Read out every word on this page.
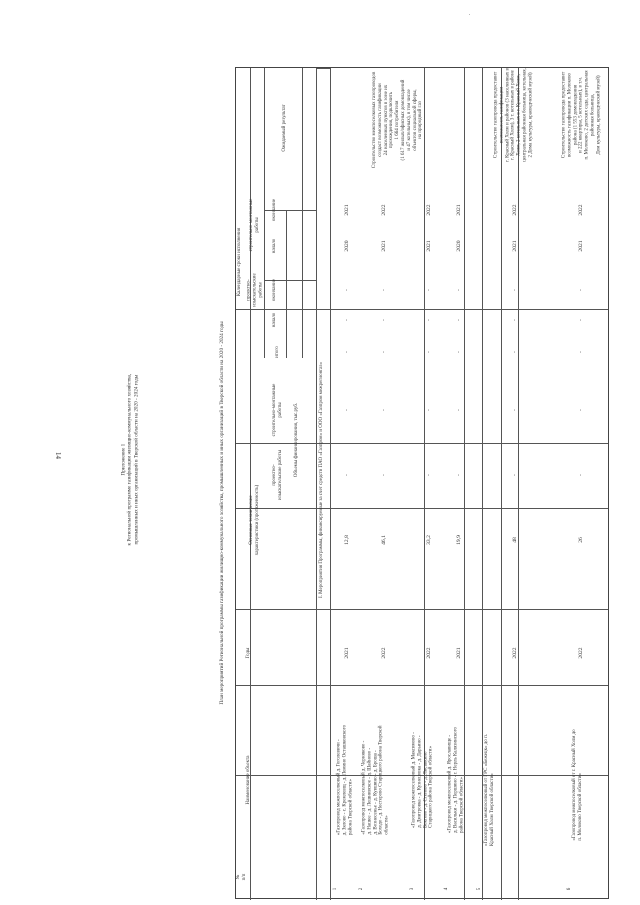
14	Приложение 1 к Региональной программе газификации жилищно-коммунального хозяйства, промышленных и иных организаций в Тверской области на 2020 - 2024 годы	План мероприятий Региональной программы газификации жилищно-коммунального хозяйства, промышленных и иных организаций в Тверской области на 2020 - 2024 годы
№
п/п
Наименование объекта
Годы
Основные технические
характеристики (протяженность)
Объемы финансирования, тыс.руб.
проектно-
изыскательские работы
строительно-монтажные
работы
итого
Календарные сроки исполнения проектно-
изыскательские
работы
строительно-монтажные
работы
начало
окончание
начало
окончание
Ожидаемый результат
I. Мероприятия Программы, финансируемые за счет средств ПАО «Газпром» и ООО «Газпром межрегионгаз»
1
«Газопровод межпоселковый д. Гоголевичи -
д. Зялово - с. Кремлевщ - д. Лемино Осташковского
района Тверской области»
2021
12,8
-
-
-
-
-
2020
2021
2
«Газопровод межпоселковый д. Черняково -
д. Нашее - д. Лешнивское - д. Шайново -
д. Вознесенье - д. Кувшино - д. Броша -
Боходо - д. Нестерово Старицкого района Тверской
области»
2022
46,1
-
-
-
-
-
2021
2022
Строительство межпоселковых газопроводов
создаст возможность газификации
24 населенных пунктов в зоне их
прохождения, подключить
1 664 потребителя
(1 617 жилых/офисных домовладений
и 47 котельных), в том числе
объектов социальной сферы,
на природный газ
3
«Газопровод межпоселковый д. Максимово -
д. Дмитровка - д. Кузнецовка - д. Дарьино -
Боктово - д. Стеново - д. Лисавкино
Старицкого района Тверской области»
2022
33,2
-
-
-
-
-
2021
2022
4
«Газопровод межпоселковый д. Ярославище -
д. Васильки - д. Першино - г. Нерль Калязинского
района Тверской области»
2021
19,9
-
-
-
-
-
2020
2021
5
«Газопровод межпоселковый от ГРС «Бежецк» до п.
Красный Холм Тверской области»
2022
48
-
-
-
-
-
2021
2022
Строительство газопровода предоставит
возможность газификации
г. Красный Холм и районов (3 населенных в
г. Красный Холм), 3 т. котельных в районе
Холм, 2 котельных в г. Красный Холм,
центральная районная больница, котельная,
2 Дома культуры, краеведческий музей)
6
«Газопровод межпоселковый от г. Красный Холм до
п. Молоково Тверской области»
2022
26
-
-
-
-
-
2021
2022
Строительство газопровода предоставит
возможность газификации п. Молоково
района (1 553 домовладения
и 222 квартиры, 5 котельных), в т.ч.
п. Молоково, 2 детских сада, центральная
районная больница,
Дом культуры, краеведческий музей)
